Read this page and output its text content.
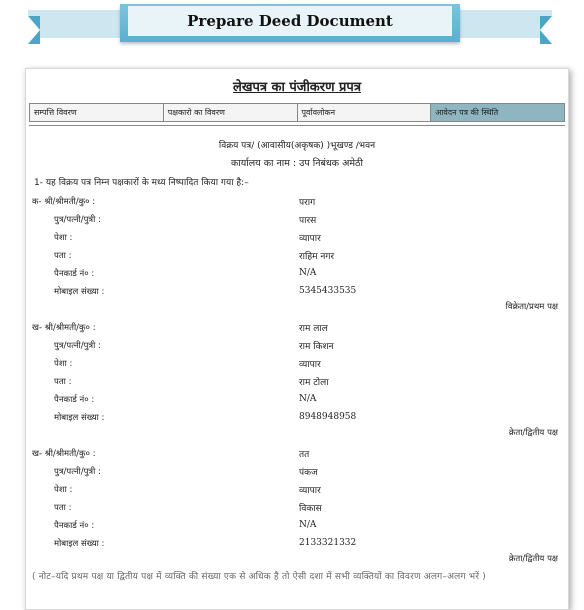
Prepare Deed Document
लेखपत्र का पंजीकरण प्रपत्र
सम्पत्ति विवरण	पक्षकारो का विवरण	पूर्वावलोकन	आवेदन पत्र की स्थिति
विक्रय पत्र/ (आवासीय(अकृषक) )भूखण्ड /भवन
कार्यालय का नाम : उप निबंधक अमेठी
1- यह विक्रय पत्र निम्न पक्षकारों के मध्य निष्पादित किया गया है:–
क- श्री/श्रीमती/कु० :	पराग
पुत्र/पत्नी/पुत्री :	पारस
पेशा :	व्यापार
पता :	राहिम नगर
पैनकार्ड नं० :	N/A
मोबाइल संख्या :	5345433535
विक्रेता/प्रथम पक्ष
ख- श्री/श्रीमती/कु० :	राम लाल
पुत्र/पत्नी/पुत्री :	राम किशन
पेशा :	व्यापार
पता :	राम टोला
पैनकार्ड नं० :	N/A
मोबाइल संख्या :	8948948958
क्रेता/द्वितीय पक्ष
ख- श्री/श्रीमती/कु० :	तत
पुत्र/पत्नी/पुत्री :	पंकज
पेशा :	व्यापार
पता :	विकास
पैनकार्ड नं० :	N/A
मोबाइल संख्या :	2133321332
क्रेता/द्वितीय पक्ष
( नोट–यदि प्रथम पक्ष या द्वितीय पक्ष में व्यक्ति की संख्या एक से अधिक है तो ऐसी दशा में सभी व्यक्तियों का विवरण अलग–अलग भरें )
